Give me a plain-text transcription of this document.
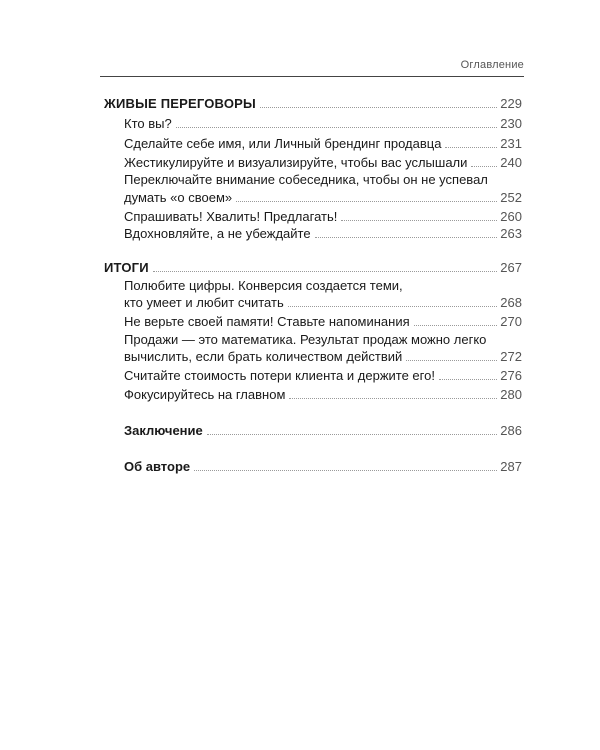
Оглавление
ЖИВЫЕ ПЕРЕГОВОРЫ	229
Кто вы?	230
Сделайте себе имя, или Личный брендинг продавца	231
Жестикулируйте и визуализируйте, чтобы вас услышали	240
Переключайте внимание собеседника, чтобы он не успевал
думать «о своем»	252
Спрашивать! Хвалить! Предлагать!	260
Вдохновляйте, а не убеждайте	263
ИТОГИ	267
Полюбите цифры. Конверсия создается теми,
кто умеет и любит считать	268
Не верьте своей памяти! Ставьте напоминания	270
Продажи — это математика. Результат продаж можно легко
вычислить, если брать количеством действий	272
Считайте стоимость потери клиента и держите его!	276
Фокусируйтесь на главном	280
Заключение	286
Об авторе	287
